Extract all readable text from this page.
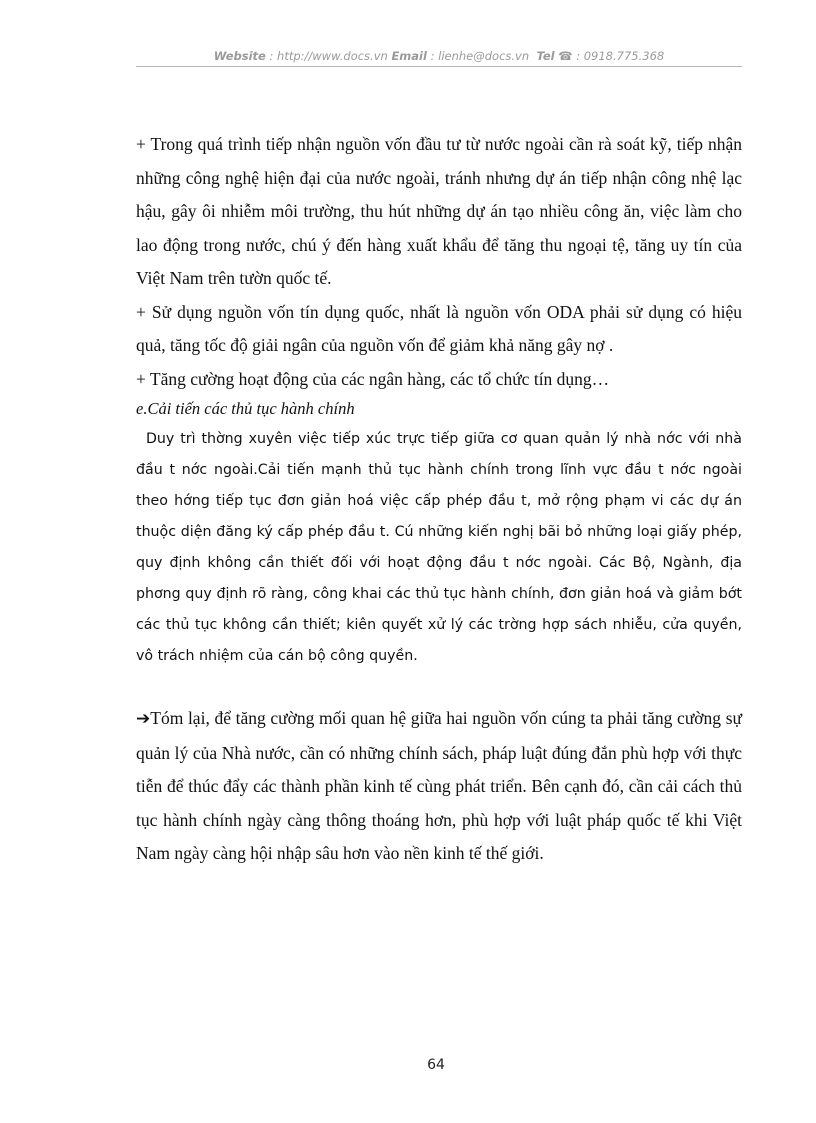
Website : http://www.docs.vn Email : lienhe@docs.vn  Tel ☎ : 0918.775.368

+ Trong quá trình tiếp nhận nguồn vốn đầu tư từ nước ngoài cần rà soát kỹ, tiếp nhận những công nghệ hiện đại của nước ngoài, tránh nhưng dự án tiếp nhận công nhệ lạc hậu, gây ôi nhiễm môi trường, thu hút những dự án tạo nhiều công ăn, việc làm cho lao động trong nước, chú ý đến hàng xuất khẩu để tăng thu ngoại tệ, tăng uy tín của Việt Nam trên tườn quốc tế.

+ Sử dụng nguồn vốn tín dụng quốc, nhất là nguồn vốn ODA phải sử dụng có hiệu quả, tăng tốc độ giải ngân của nguồn vốn để giảm khả năng gây nợ .

+ Tăng cường hoạt động của các ngân hàng, các tổ chức tín dụng…

e.Cải tiến các thủ tục hành chính

Duy trì thờng xuyên việc tiếp xúc trực tiếp giữa cơ quan quản lý nhà nớc với nhà đầu t nớc ngoài.Cải tiến mạnh thủ tục hành chính trong lĩnh vực đầu t nớc ngoài theo hớng tiếp tục đơn giản hoá việc cấp phép đầu t, mở rộng phạm vi các dự án thuộc diện đăng ký cấp phép đầu t. Cú những kiến nghị bãi bỏ những loại giấy phép, quy định không cần thiết đối với hoạt động đầu t nớc ngoài. Các Bộ, Ngành, địa phơng quy định rõ ràng, công khai các thủ tục hành chính, đơn giản hoá và giảm bớt các thủ tục không cần thiết; kiên quyết xử lý các trờng hợp sách nhiễu, cửa quyền, vô trách nhiệm của cán bộ công quyền.

➔Tóm lại, để tăng cường mối quan hệ giữa hai nguồn vốn cúng ta phải tăng cường sự quản lý của Nhà nước, cần có những chính sách, pháp luật đúng đắn phù hợp với thực tiễn để thúc đẩy các thành phần kinh tế cùng phát triển. Bên cạnh đó, cần cải cách thủ tục hành chính ngày càng thông thoáng hơn, phù hợp với luật pháp quốc tế khi Việt Nam ngày càng hội nhập sâu hơn vào nền kinh tế thế giới.

64
